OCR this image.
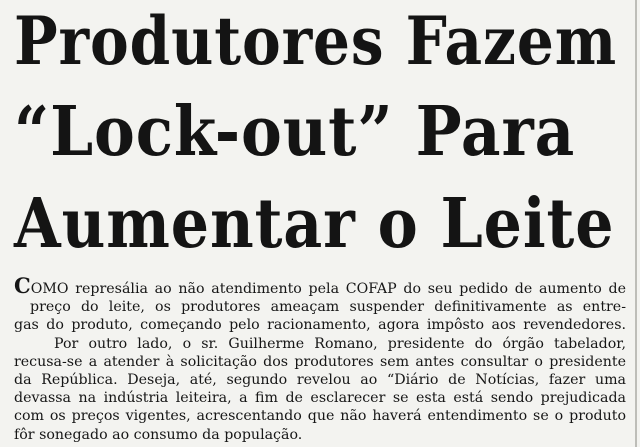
Produtores Fazem
“Lock-out” Para
Aumentar o Leite
COMO represália ao não atendimento pela COFAP do seu pedido de aumento de
preço do leite, os produtores ameaçam suspender definitivamente as entre-
gas do produto, começando pelo racionamento, agora impôsto aos revendedores.
Por outro lado, o sr. Guilherme Romano, presidente do órgão tabelador,
recusa-se a atender à solicitação dos produtores sem antes consultar o presidente
da República. Deseja, até, segundo revelou ao “Diário de Notícias, fazer uma
devassa na indústria leiteira, a fim de esclarecer se esta está sendo prejudicada
com os preços vigentes, acrescentando que não haverá entendimento se o produto
fôr sonegado ao consumo da população.
